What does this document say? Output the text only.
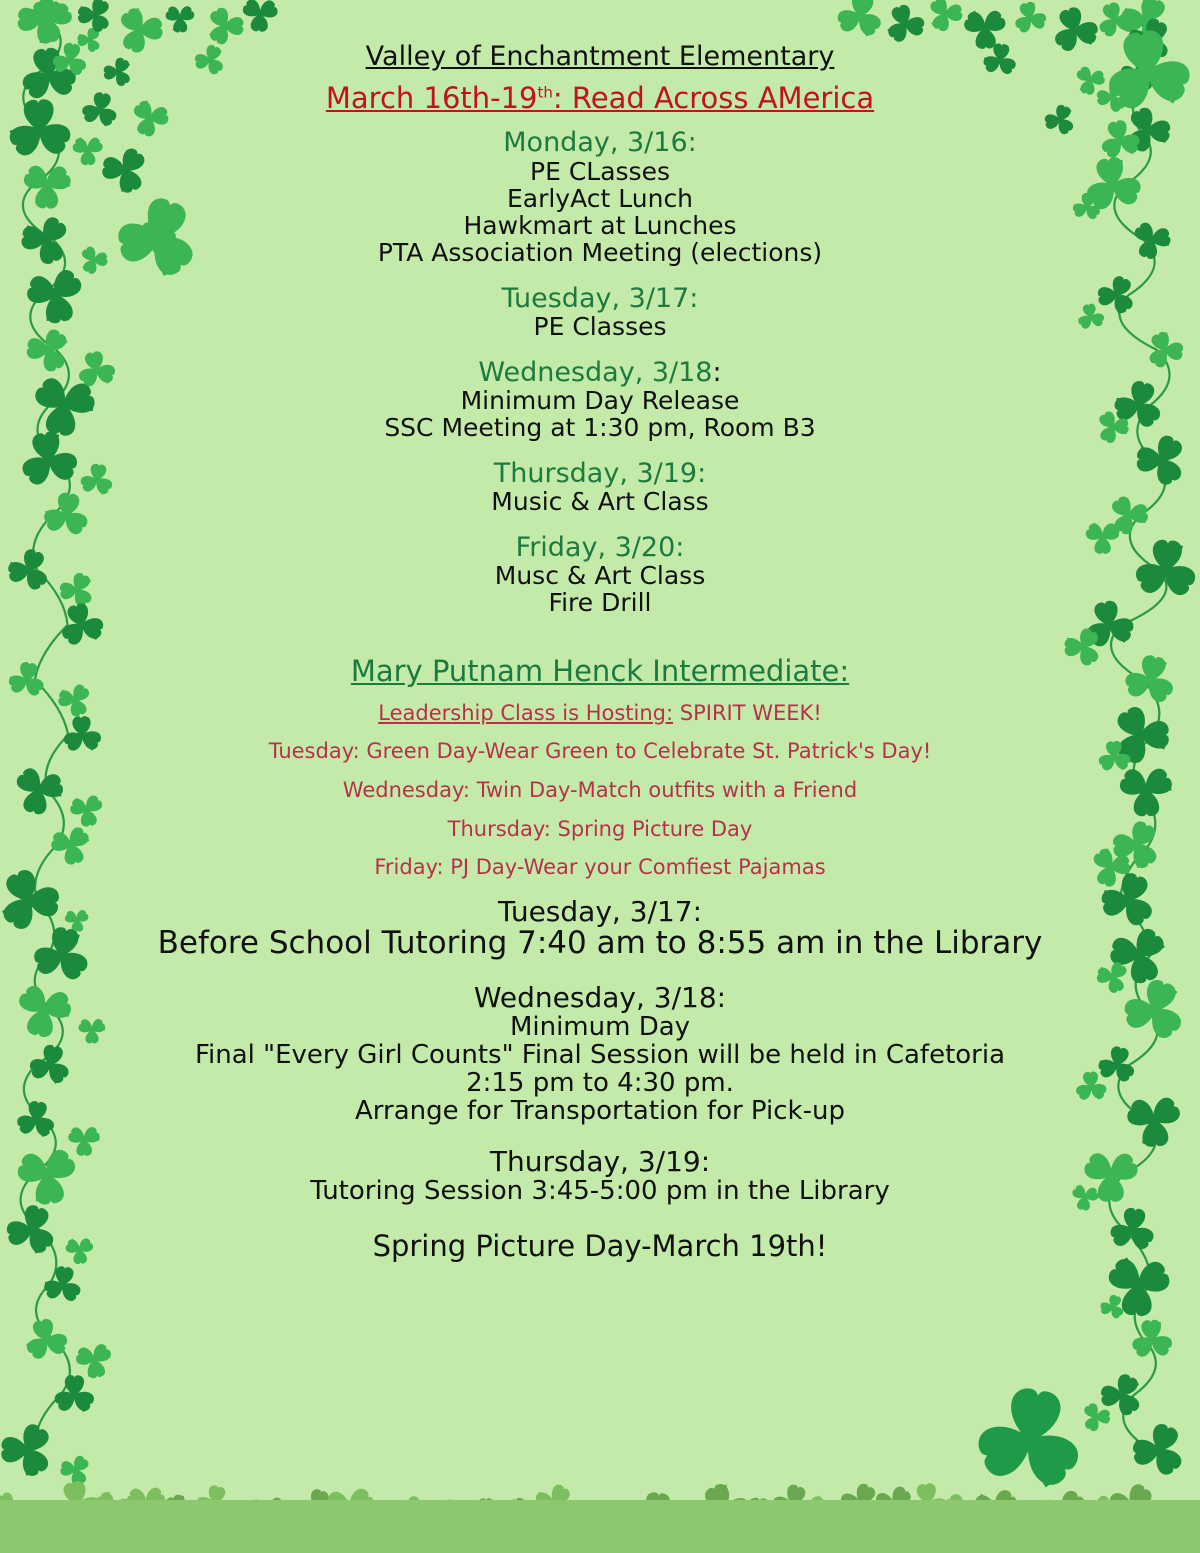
Valley of Enchantment Elementary
March 16th-19th: Read Across AMerica
Monday, 3/16:
PE CLasses
EarlyAct Lunch
Hawkmart at Lunches
PTA Association Meeting (elections)
Tuesday, 3/17:
PE Classes
Wednesday, 3/18:
Minimum Day Release
SSC Meeting at 1:30 pm, Room B3
Thursday, 3/19:
Music & Art Class
Friday, 3/20:
Musc & Art Class
Fire Drill
Mary Putnam Henck Intermediate:
Leadership Class is Hosting: SPIRIT WEEK!
Tuesday: Green Day-Wear Green to Celebrate St. Patrick's Day!
Wednesday: Twin Day-Match outfits with a Friend
Thursday: Spring Picture Day
Friday: PJ Day-Wear your Comfiest Pajamas
Tuesday, 3/17:
Before School Tutoring 7:40 am to 8:55 am in the Library
Wednesday, 3/18:
Minimum Day
Final "Every Girl Counts" Final Session will be held in Cafetoria
2:15 pm to 4:30 pm.
Arrange for Transportation for Pick-up
Thursday, 3/19:
Tutoring Session 3:45-5:00 pm in the Library
Spring Picture Day-March 19th!
